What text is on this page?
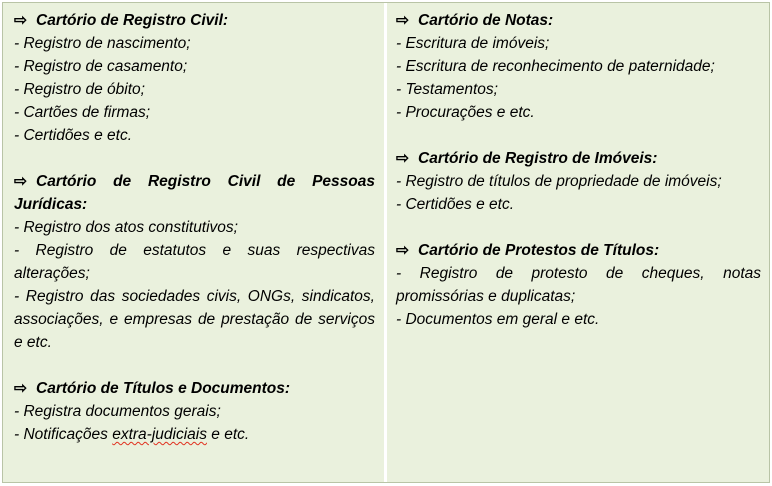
⇨ Cartório de Registro Civil:
- Registro de nascimento;
- Registro de casamento;
- Registro de óbito;
- Cartões de firmas;
- Certidões e etc.
⇨ Cartório de Registro Civil de Pessoas Jurídicas:
- Registro dos atos constitutivos;
- Registro de estatutos e suas respectivas alterações;
- Registro das sociedades civis, ONGs, sindicatos, associações, e empresas de prestação de serviços e etc.
⇨ Cartório de Títulos e Documentos:
- Registra documentos gerais;
- Notificações extra-judiciais e etc.
⇨ Cartório de Notas:
- Escritura de imóveis;
- Escritura de reconhecimento de paternidade;
- Testamentos;
- Procurações e etc.
⇨ Cartório de Registro de Imóveis:
- Registro de títulos de propriedade de imóveis;
- Certidões e etc.
⇨ Cartório de Protestos de Títulos:
- Registro de protesto de cheques, notas promissórias e duplicatas;
- Documentos em geral e etc.
